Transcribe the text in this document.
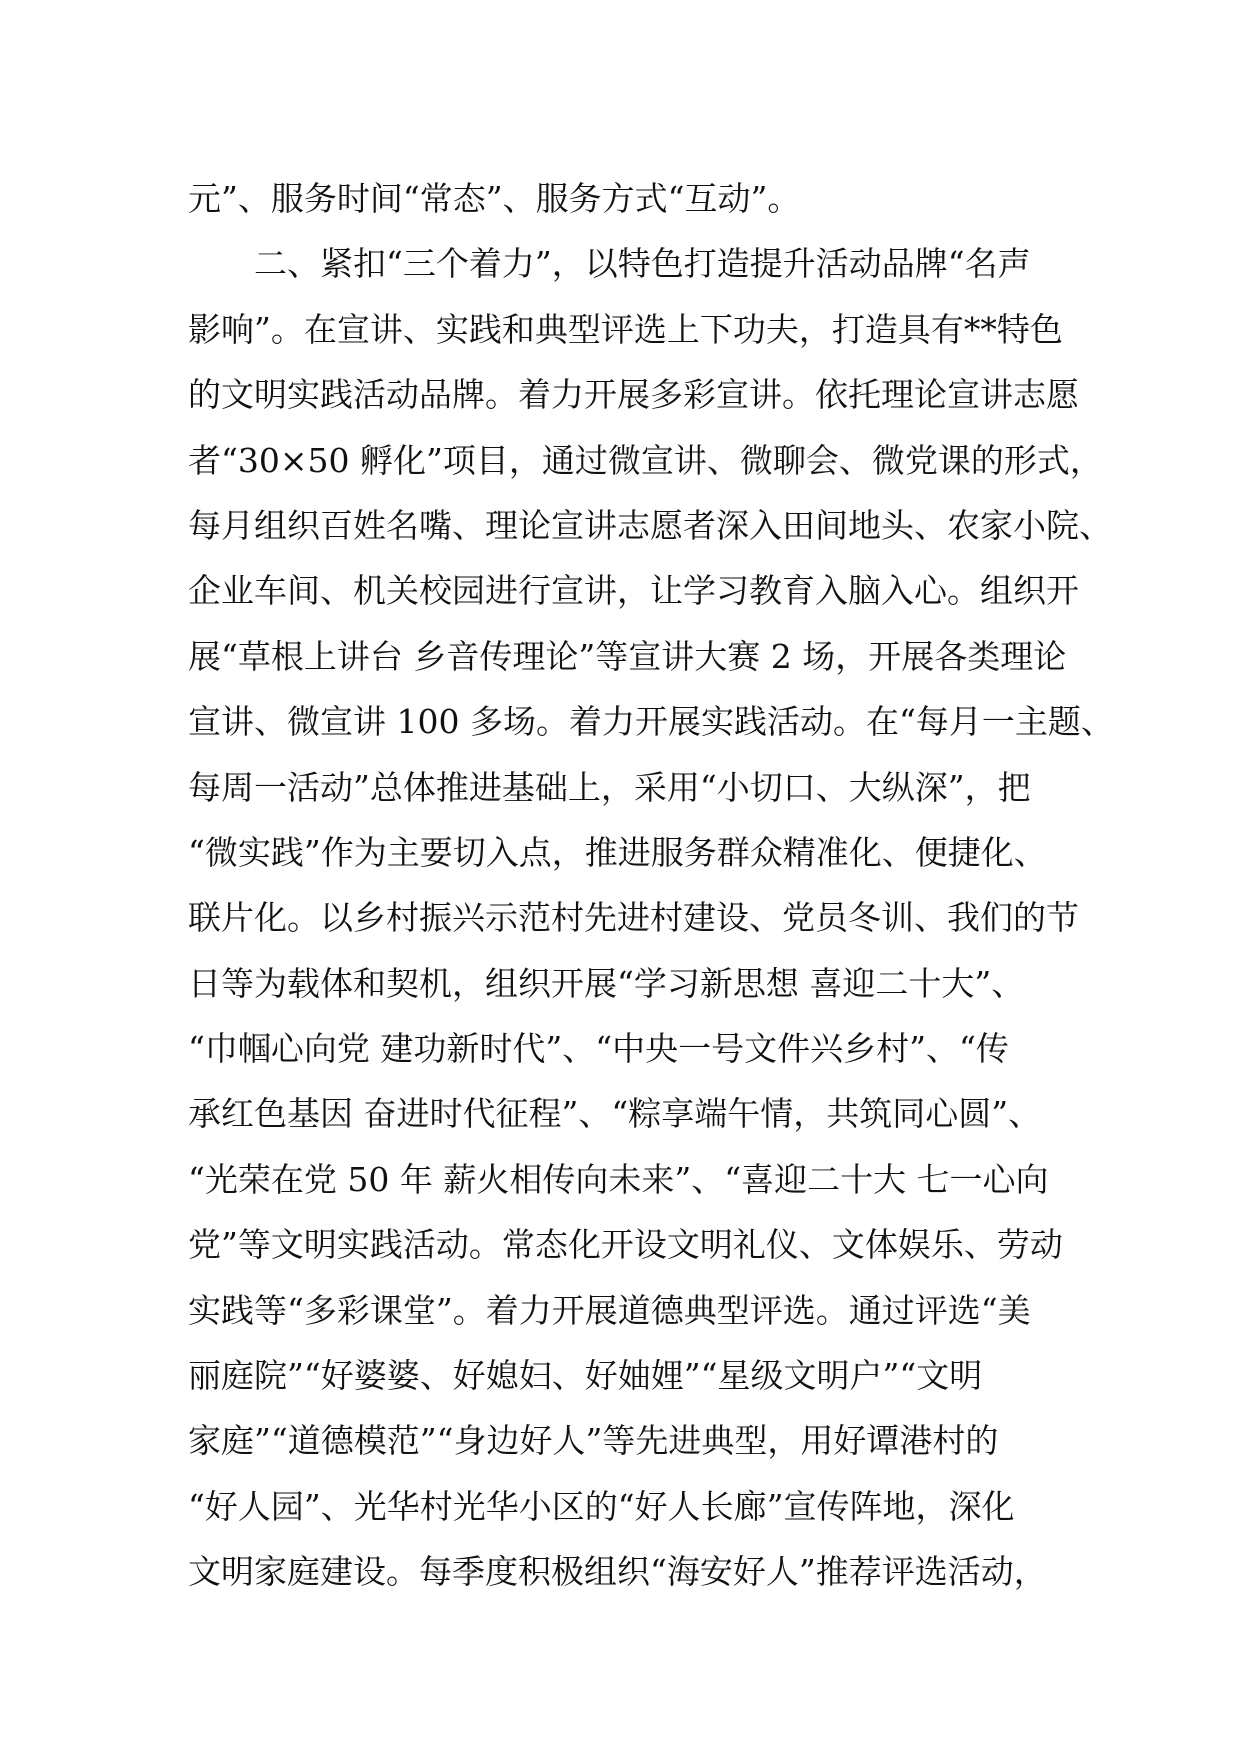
元”、服务时间“常态”、服务方式“互动”。
　　二、紧扣“三个着力”，以特色打造提升活动品牌“名声
影响”。在宣讲、实践和典型评选上下功夫，打造具有**特色
的文明实践活动品牌。着力开展多彩宣讲。依托理论宣讲志愿
者“30×50 孵化”项目，通过微宣讲、微聊会、微党课的形式，
每月组织百姓名嘴、理论宣讲志愿者深入田间地头、农家小院、
企业车间、机关校园进行宣讲，让学习教育入脑入心。组织开
展“草根上讲台 乡音传理论”等宣讲大赛 2 场，开展各类理论
宣讲、微宣讲 100 多场。着力开展实践活动。在“每月一主题、
每周一活动”总体推进基础上，采用“小切口、大纵深”，把
“微实践”作为主要切入点，推进服务群众精准化、便捷化、
联片化。以乡村振兴示范村先进村建设、党员冬训、我们的节
日等为载体和契机，组织开展“学习新思想 喜迎二十大”、
“巾帼心向党 建功新时代”、“中央一号文件兴乡村”、“传
承红色基因 奋进时代征程”、“粽享端午情，共筑同心圆”、
“光荣在党 50 年 薪火相传向未来”、“喜迎二十大 七一心向
党”等文明实践活动。常态化开设文明礼仪、文体娱乐、劳动
实践等“多彩课堂”。着力开展道德典型评选。通过评选“美
丽庭院”“好婆婆、好媳妇、好妯娌”“星级文明户”“文明
家庭”“道德模范”“身边好人”等先进典型，用好谭港村的
“好人园”、光华村光华小区的“好人长廊”宣传阵地，深化
文明家庭建设。每季度积极组织“海安好人”推荐评选活动，
